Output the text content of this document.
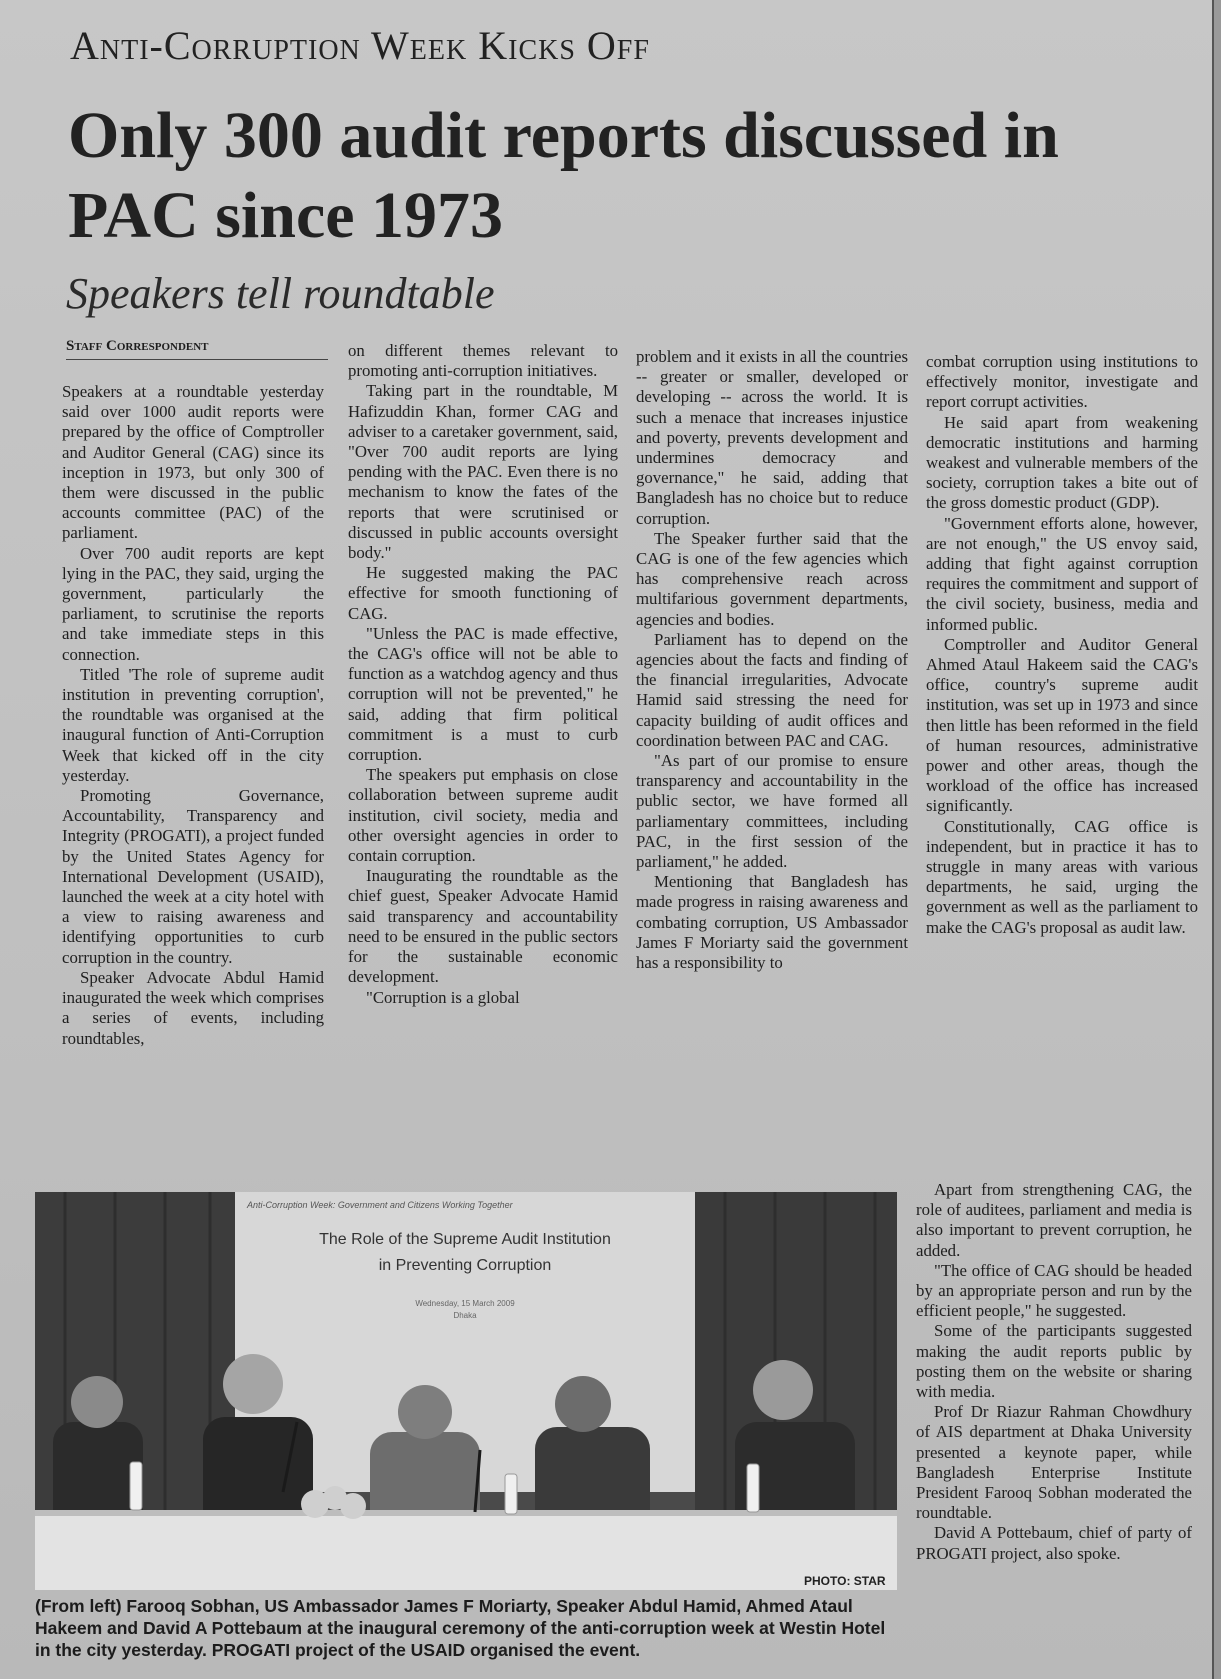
Anti-Corruption Week Kicks Off
Only 300 audit reports discussed in PAC since 1973
Speakers tell roundtable
Staff Correspondent

Speakers at a roundtable yesterday said over 1000 audit reports were prepared by the office of Comptroller and Auditor General (CAG) since its inception in 1973, but only 300 of them were discussed in the public accounts committee (PAC) of the parliament.

Over 700 audit reports are kept lying in the PAC, they said, urging the government, particularly the parliament, to scrutinise the reports and take immediate steps in this connection.

Titled 'The role of supreme audit institution in preventing corruption', the roundtable was organised at the inaugural function of Anti-Corruption Week that kicked off in the city yesterday.

Promoting Governance, Accountability, Transparency and Integrity (PROGATI), a project funded by the United States Agency for International Development (USAID), launched the week at a city hotel with a view to raising awareness and identifying opportunities to curb corruption in the country.

Speaker Advocate Abdul Hamid inaugurated the week which comprises a series of events, including roundtables,

on different themes relevant to promoting anti-corruption initiatives.

Taking part in the roundtable, M Hafizuddin Khan, former CAG and adviser to a caretaker government, said, "Over 700 audit reports are lying pending with the PAC. Even there is no mechanism to know the fates of the reports that were scrutinised or discussed in public accounts oversight body."

He suggested making the PAC effective for smooth functioning of CAG.

"Unless the PAC is made effective, the CAG's office will not be able to function as a watchdog agency and thus corruption will not be prevented," he said, adding that firm political commitment is a must to curb corruption.

The speakers put emphasis on close collaboration between supreme audit institution, civil society, media and other oversight agencies in order to contain corruption.

Inaugurating the roundtable as the chief guest, Speaker Advocate Hamid said transparency and accountability need to be ensured in the public sectors for the sustainable economic development.

"Corruption is a global

problem and it exists in all the countries -- greater or smaller, developed or developing -- across the world. It is such a menace that increases injustice and poverty, prevents development and undermines democracy and governance," he said, adding that Bangladesh has no choice but to reduce corruption.

The Speaker further said that the CAG is one of the few agencies which has comprehensive reach across multifarious government departments, agencies and bodies.

Parliament has to depend on the agencies about the facts and finding of the financial irregularities, Advocate Hamid said stressing the need for capacity building of audit offices and coordination between PAC and CAG.

"As part of our promise to ensure transparency and accountability in the public sector, we have formed all parliamentary committees, including PAC, in the first session of the parliament," he added.

Mentioning that Bangladesh has made progress in raising awareness and combating corruption, US Ambassador James F Moriarty said the government has a responsibility to

combat corruption using institutions to effectively monitor, investigate and report corrupt activities.

He said apart from weakening democratic institutions and harming weakest and vulnerable members of the society, corruption takes a bite out of the gross domestic product (GDP).

"Government efforts alone, however, are not enough," the US envoy said, adding that fight against corruption requires the commitment and support of the civil society, business, media and informed public.

Comptroller and Auditor General Ahmed Ataul Hakeem said the CAG's office, country's supreme audit institution, was set up in 1973 and since then little has been reformed in the field of human resources, administrative power and other areas, though the workload of the office has increased significantly.

Constitutionally, CAG office is independent, but in practice it has to struggle in many areas with various departments, he said, urging the government as well as the parliament to make the CAG's proposal as audit law.

Apart from strengthening CAG, the role of auditees, parliament and media is also important to prevent corruption, he added.

"The office of CAG should be headed by an appropriate person and run by the efficient people," he suggested.

Some of the participants suggested making the audit reports public by posting them on the website or sharing with media.

Prof Dr Riazur Rahman Chowdhury of AIS department at Dhaka University presented a keynote paper, while Bangladesh Enterprise Institute President Farooq Sobhan moderated the roundtable.

David A Pottebaum, chief of party of PROGATI project, also spoke.

Anti-Corruption Week: Government and Citizens Working Together
The Role of the Supreme Audit Institution
in Preventing Corruption
Wednesday, 15 March 2009
Dhaka
PHOTO: STAR
(From left) Farooq Sobhan, US Ambassador James F Moriarty, Speaker Abdul Hamid, Ahmed Ataul Hakeem and David A Pottebaum at the inaugural ceremony of the anti-corruption week at Westin Hotel in the city yesterday. PROGATI project of the USAID organised the event.
